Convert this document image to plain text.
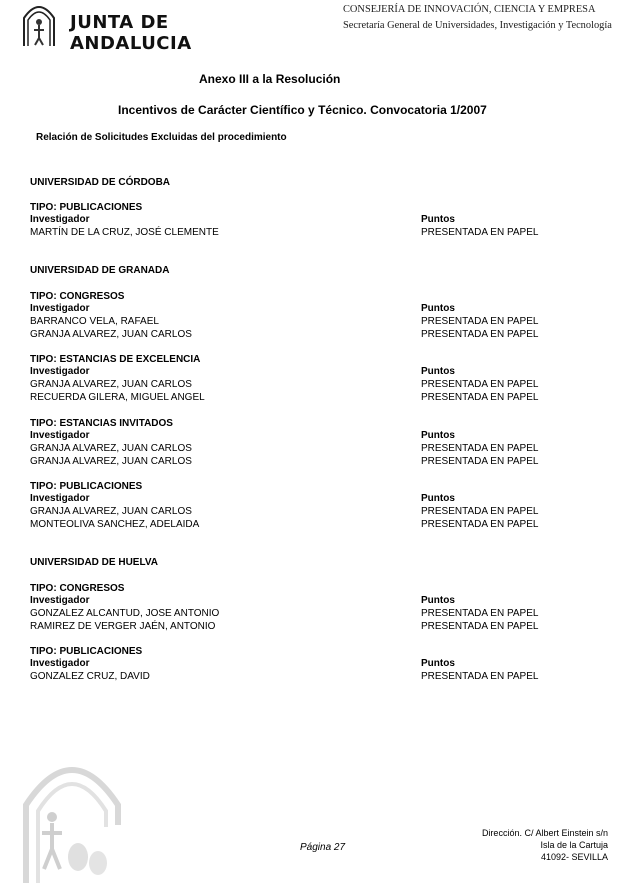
JUNTA DE ANDALUCIA
CONSEJERÍA DE INNOVACIÓN, CIENCIA Y EMPRESA
Secretaría General de Universidades, Investigación y Tecnología
Anexo III a la Resolución
Incentivos de Carácter Científico y Técnico. Convocatoria 1/2007
Relación de Solicitudes Excluidas del procedimiento
UNIVERSIDAD DE CÓRDOBA
TIPO: PUBLICACIONES
Investigador	Puntos
MARTÍN DE LA CRUZ, JOSÉ CLEMENTE	PRESENTADA EN PAPEL
UNIVERSIDAD DE GRANADA
TIPO: CONGRESOS
Investigador	Puntos
BARRANCO VELA, RAFAEL	PRESENTADA EN PAPEL
GRANJA ALVAREZ, JUAN CARLOS	PRESENTADA EN PAPEL
TIPO: ESTANCIAS DE EXCELENCIA
Investigador	Puntos
GRANJA ALVAREZ, JUAN CARLOS	PRESENTADA EN PAPEL
RECUERDA GILERA, MIGUEL ANGEL	PRESENTADA EN PAPEL
TIPO: ESTANCIAS INVITADOS
Investigador	Puntos
GRANJA ALVAREZ, JUAN CARLOS	PRESENTADA EN PAPEL
GRANJA ALVAREZ, JUAN CARLOS	PRESENTADA EN PAPEL
TIPO: PUBLICACIONES
Investigador	Puntos
GRANJA ALVAREZ, JUAN CARLOS	PRESENTADA EN PAPEL
MONTEOLIVA SANCHEZ, ADELAIDA	PRESENTADA EN PAPEL
UNIVERSIDAD DE HUELVA
TIPO: CONGRESOS
Investigador	Puntos
GONZALEZ ALCANTUD, JOSE ANTONIO	PRESENTADA EN PAPEL
RAMIREZ DE VERGER JAÉN, ANTONIO	PRESENTADA EN PAPEL
TIPO: PUBLICACIONES
Investigador	Puntos
GONZALEZ CRUZ, DAVID	PRESENTADA EN PAPEL
Página 27
Dirección. C/ Albert Einstein s/n
Isla de la Cartuja
41092- SEVILLA
